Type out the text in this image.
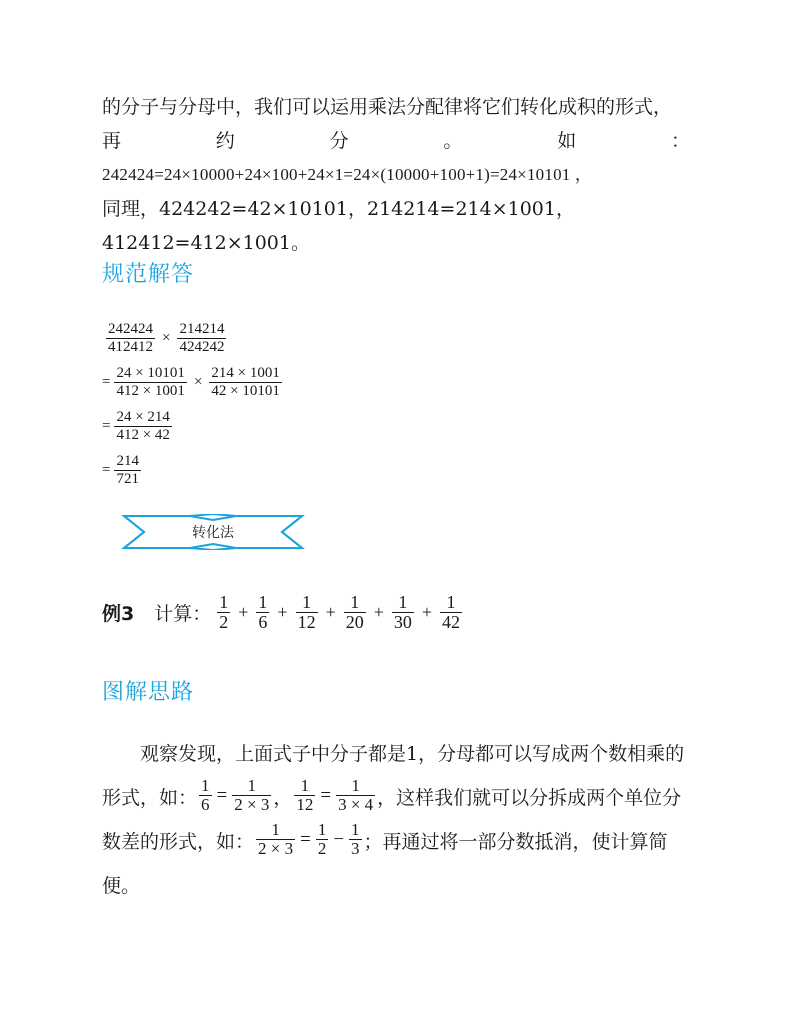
的分子与分母中，我们可以运用乘法分配律将它们转化成积的形式，
再	约	分	。	如	：
242424=24×10000+24×100+24×1=24×(10000+100+1)=24×10101 ，
同理，424242=42×10101，214214=214×1001，412412=412×1001。
规范解答
$\frac{242424}{412412} \times \frac{214214}{424242}$
= $\frac{24 \times 10101}{412 \times 1001} \times \frac{214 \times 1001}{42 \times 10101}$
= $\frac{24 \times 214}{412 \times 42}$
= $\frac{214}{721}$
转化法
例3 计算： $\frac{1}{2} + \frac{1}{6} + \frac{1}{12} + \frac{1}{20} + \frac{1}{30} + \frac{1}{42}$
图解思路
　　观察发现，上面式子中分子都是1，分母都可以写成两个数相乘的
形式，如： $\frac{1}{6} = \frac{1}{2 \times 3}$ ， $\frac{1}{12} = \frac{1}{3 \times 4}$ ，这样我们就可以分拆成两个单位分
数差的形式，如： $\frac{1}{2 \times 3} = \frac{1}{2} - \frac{1}{3}$ ；再通过将一部分数抵消，使计算简
便。
